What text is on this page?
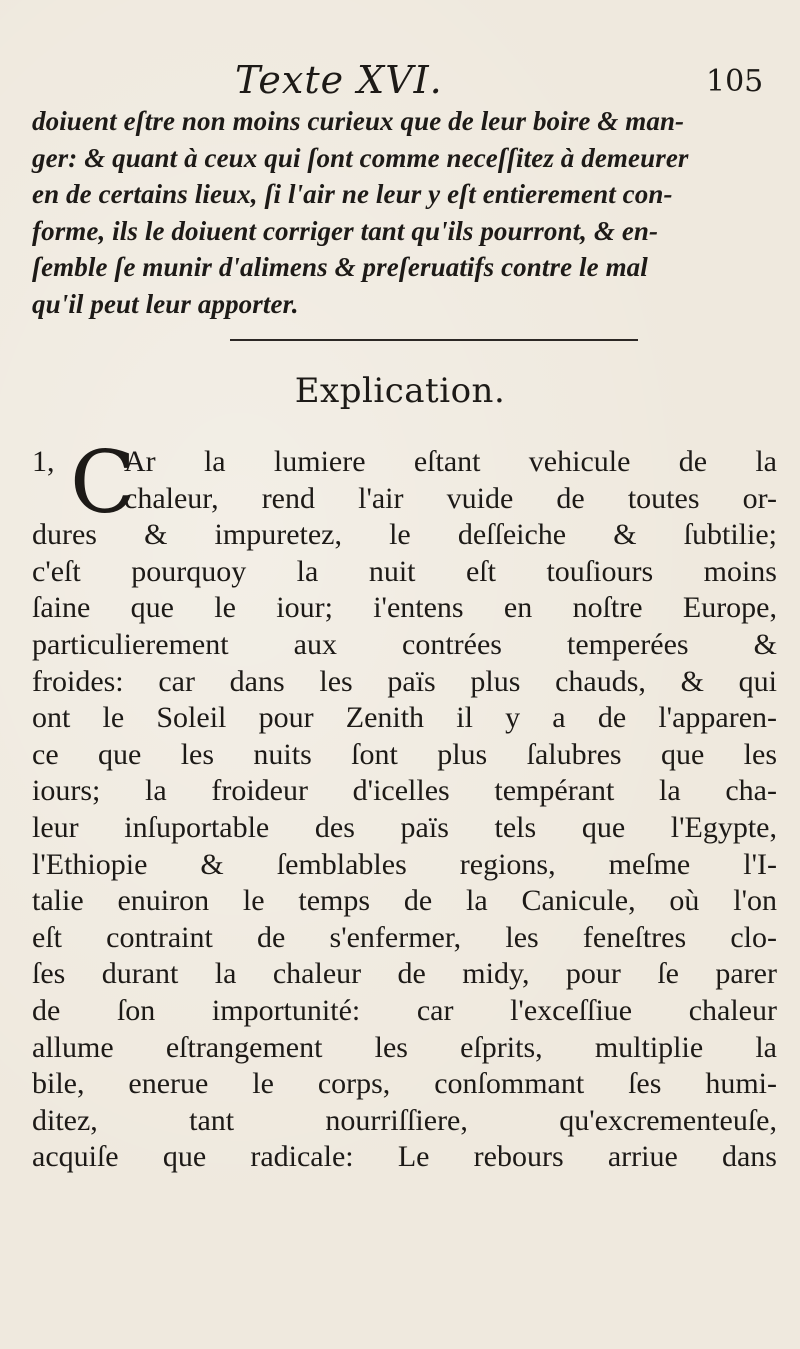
Texte XVI.	105
doiuent eſtre non moins curieux que de leur boire & man-
ger: & quant à ceux qui ſont comme neceſſitez à demeurer
en de certains lieux, ſi l'air ne leur y eſt entierement con-
forme, ils le doiuent corriger tant qu'ils pourront, & en-
ſemble ſe munir d'alimens & preſeruatifs contre le mal
qu'il peut leur apporter.
Explication.
1, C
Ar la lumiere eſtant vehicule de la
chaleur, rend l'air vuide de toutes or-
dures & impuretez, le deſſeiche & ſubtilie;
c'eſt pourquoy la nuit eſt touſiours moins
ſaine que le iour; i'entens en noſtre Europe,
particulierement aux contrées temperées &
froides: car dans les païs plus chauds, & qui
ont le Soleil pour Zenith il y a de l'apparen-
ce que les nuits ſont plus ſalubres que les
iours; la froideur d'icelles tempérant la cha-
leur inſuportable des païs tels que l'Egypte,
l'Ethiopie & ſemblables regions, meſme l'I-
talie enuiron le temps de la Canicule, où l'on
eſt contraint de s'enfermer, les feneſtres clo-
ſes durant la chaleur de midy, pour ſe parer
de ſon importunité: car l'exceſſiue chaleur
allume eſtrangement les eſprits, multiplie la
bile, enerue le corps, conſommant ſes humi-
ditez, tant nourriſſiere, qu'excrementeuſe,
acquiſe que radicale: Le rebours arriue dans
